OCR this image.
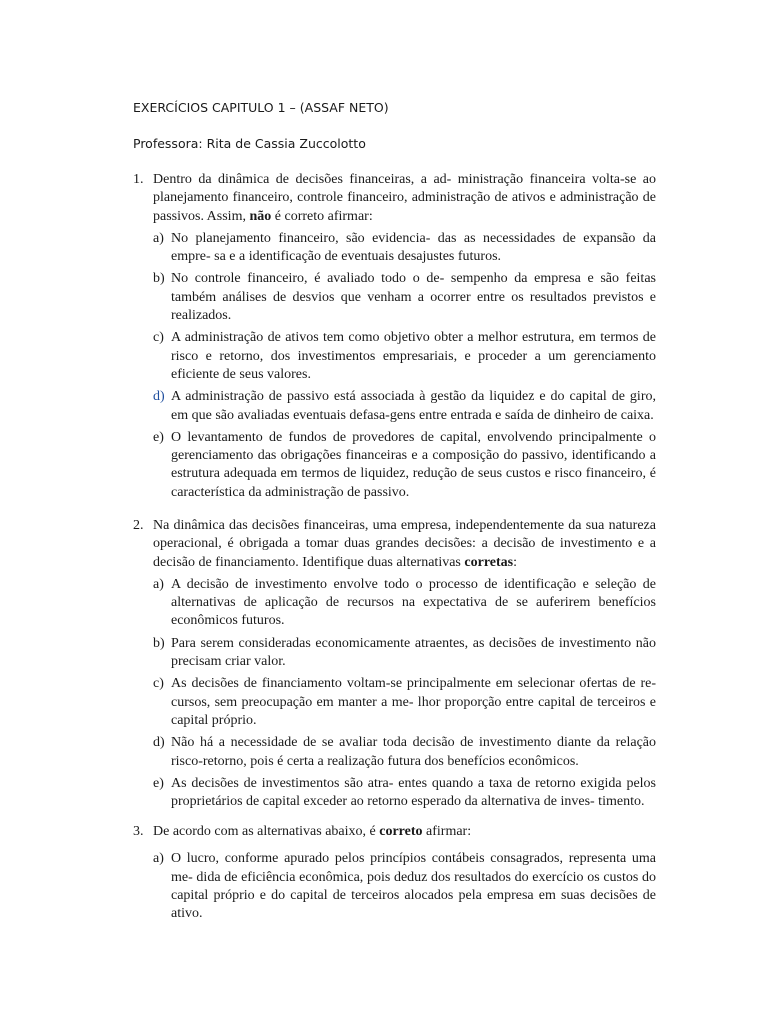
EXERCÍCIOS CAPITULO 1 – (ASSAF NETO)
Professora: Rita de Cassia Zuccolotto
1. Dentro da dinâmica de decisões financeiras, a ad- ministração financeira volta-se ao planejamento financeiro, controle financeiro, administração de ativos e administração de passivos. Assim, não é correto afirmar:
a) No planejamento financeiro, são evidencia- das as necessidades de expansão da empre- sa e a identificação de eventuais desajustes futuros.
b) No controle financeiro, é avaliado todo o de- sempenho da empresa e são feitas também análises de desvios que venham a ocorrer entre os resultados previstos e realizados.
c) A administração de ativos tem como objetivo obter a melhor estrutura, em termos de risco e retorno, dos investimentos empresariais, e proceder a um gerenciamento eficiente de seus valores.
d) A administração de passivo está associada à gestão da liquidez e do capital de giro, em que são avaliadas eventuais defasa-gens entre entrada e saída de dinheiro de caixa.
e) O levantamento de fundos de provedores de capital, envolvendo principalmente o gerenciamento das obrigações financeiras e a composição do passivo, identificando a estrutura adequada em termos de liquidez, redução de seus custos e risco financeiro, é característica da administração de passivo.
2. Na dinâmica das decisões financeiras, uma empresa, independentemente da sua natureza operacional, é obrigada a tomar duas grandes decisões: a decisão de investimento e a decisão de financiamento. Identifique duas alternativas corretas:
a) A decisão de investimento envolve todo o processo de identificação e seleção de alternativas de aplicação de recursos na expectativa de se auferirem benefícios econômicos futuros.
b) Para serem consideradas economicamente atraentes, as decisões de investimento não precisam criar valor.
c) As decisões de financiamento voltam-se principalmente em selecionar ofertas de re- cursos, sem preocupação em manter a me- lhor proporção entre capital de terceiros e capital próprio.
d) Não há a necessidade de se avaliar toda decisão de investimento diante da relação risco-retorno, pois é certa a realização futura dos benefícios econômicos.
e) As decisões de investimentos são atra- entes quando a taxa de retorno exigida pelos proprietários de capital exceder ao retorno esperado da alternativa de inves- timento.
3. De acordo com as alternativas abaixo, é correto afirmar:
a) O lucro, conforme apurado pelos princípios contábeis consagrados, representa uma me- dida de eficiência econômica, pois deduz dos resultados do exercício os custos do capital próprio e do capital de terceiros alocados pela empresa em suas decisões de ativo.
